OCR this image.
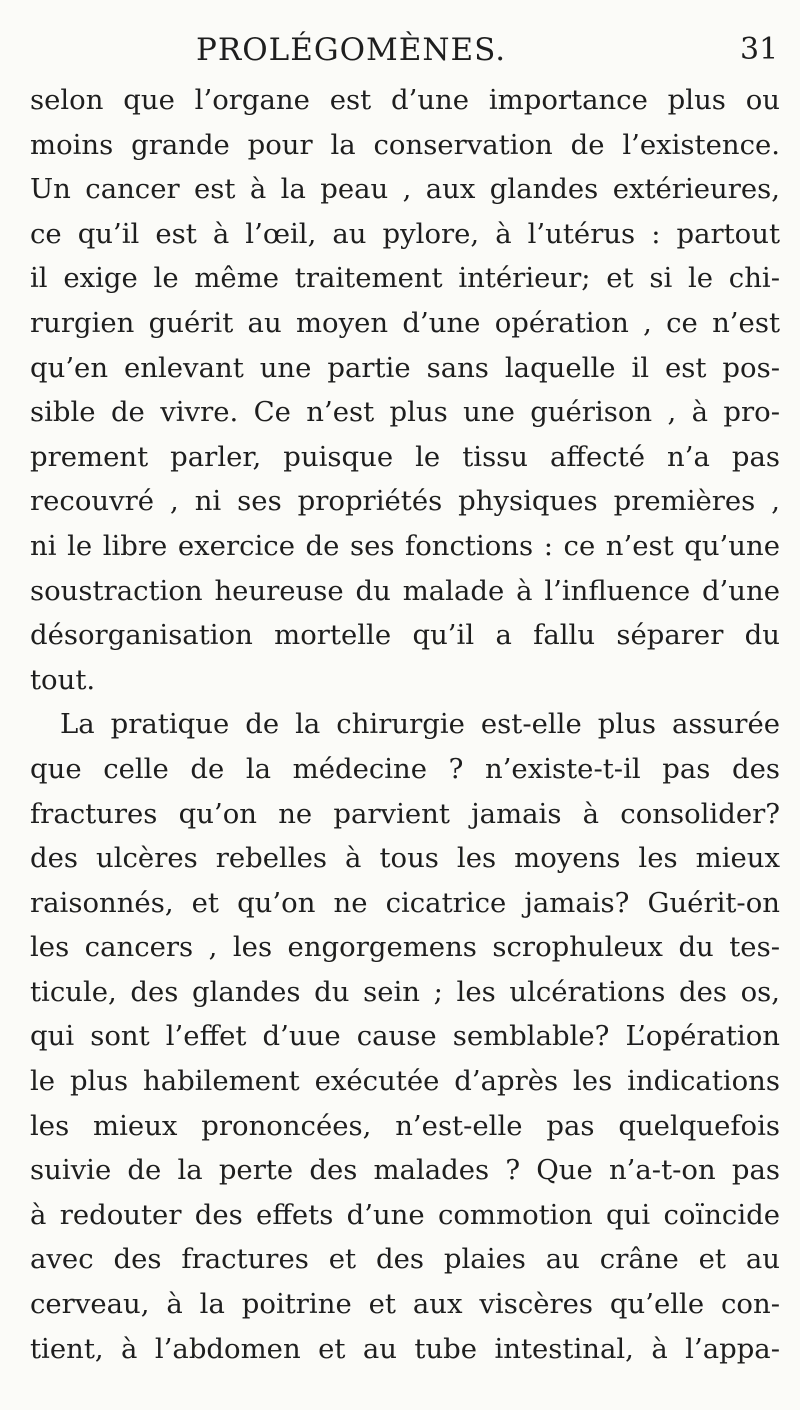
PROLÉGOMÈNES.	31
selon que l’organe est d’une importance plus ou
moins grande pour la conservation de l’existence.
Un cancer est à la peau , aux glandes extérieures,
ce qu’il est à l’œil, au pylore, à l’utérus : partout
il exige le même traitement intérieur; et si le chi-
rurgien guérit au moyen d’une opération , ce n’est
qu’en enlevant une partie sans laquelle il est pos-
sible de vivre. Ce n’est plus une guérison , à pro-
prement parler, puisque le tissu affecté n’a pas
recouvré , ni ses propriétés physiques premières ,
ni le libre exercice de ses fonctions : ce n’est qu’une
soustraction heureuse du malade à l’influence d’une
désorganisation mortelle qu’il a fallu séparer du
tout.
La pratique de la chirurgie est-elle plus assurée
que celle de la médecine ? n’existe-t-il pas des
fractures qu’on ne parvient jamais à consolider?
des ulcères rebelles à tous les moyens les mieux
raisonnés, et qu’on ne cicatrice jamais? Guérit-on
les cancers , les engorgemens scrophuleux du tes-
ticule, des glandes du sein ; les ulcérations des os,
qui sont l’effet d’uue cause semblable? L’opération
le plus habilement exécutée d’après les indications
les mieux prononcées, n’est-elle pas quelquefois
suivie de la perte des malades ? Que n’a-t-on pas
à redouter des effets d’une commotion qui coïncide
avec des fractures et des plaies au crâne et au
cerveau, à la poitrine et aux viscères qu’elle con-
tient, à l’abdomen et au tube intestinal, à l’appa-
